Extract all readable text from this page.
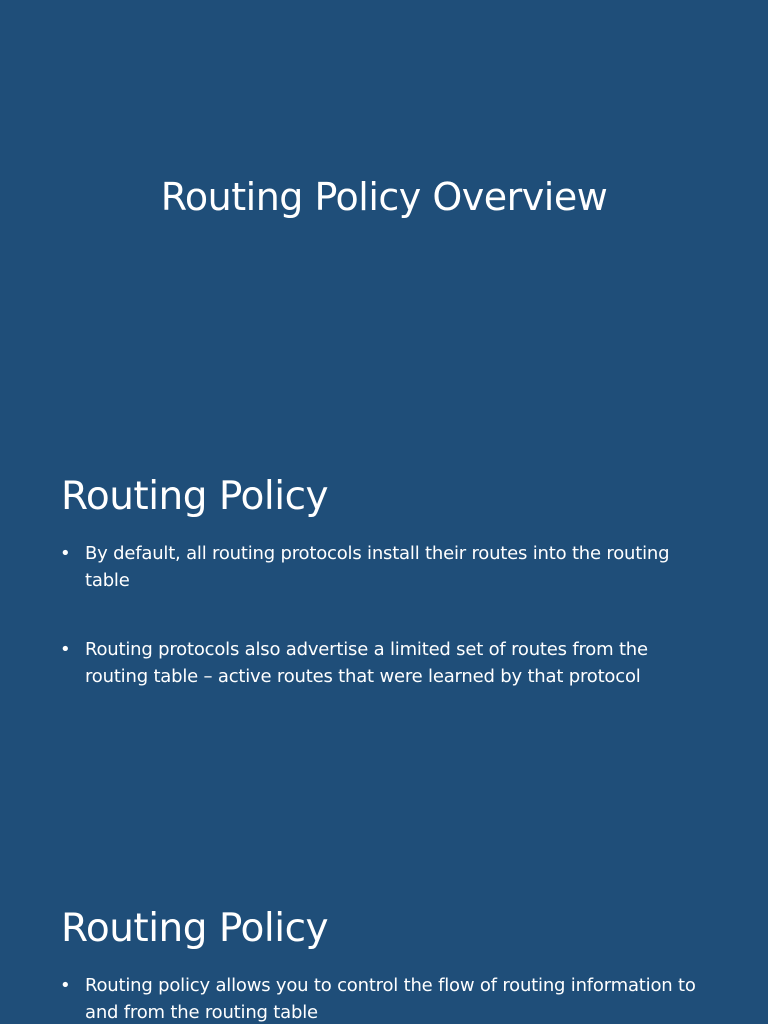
Routing Policy Overview
Routing Policy
• By default, all routing protocols install their routes into the routing table
• Routing protocols also advertise a limited set of routes from the routing table – active routes that were learned by that protocol
Routing Policy
• Routing policy allows you to control the flow of routing information to and from the routing table
